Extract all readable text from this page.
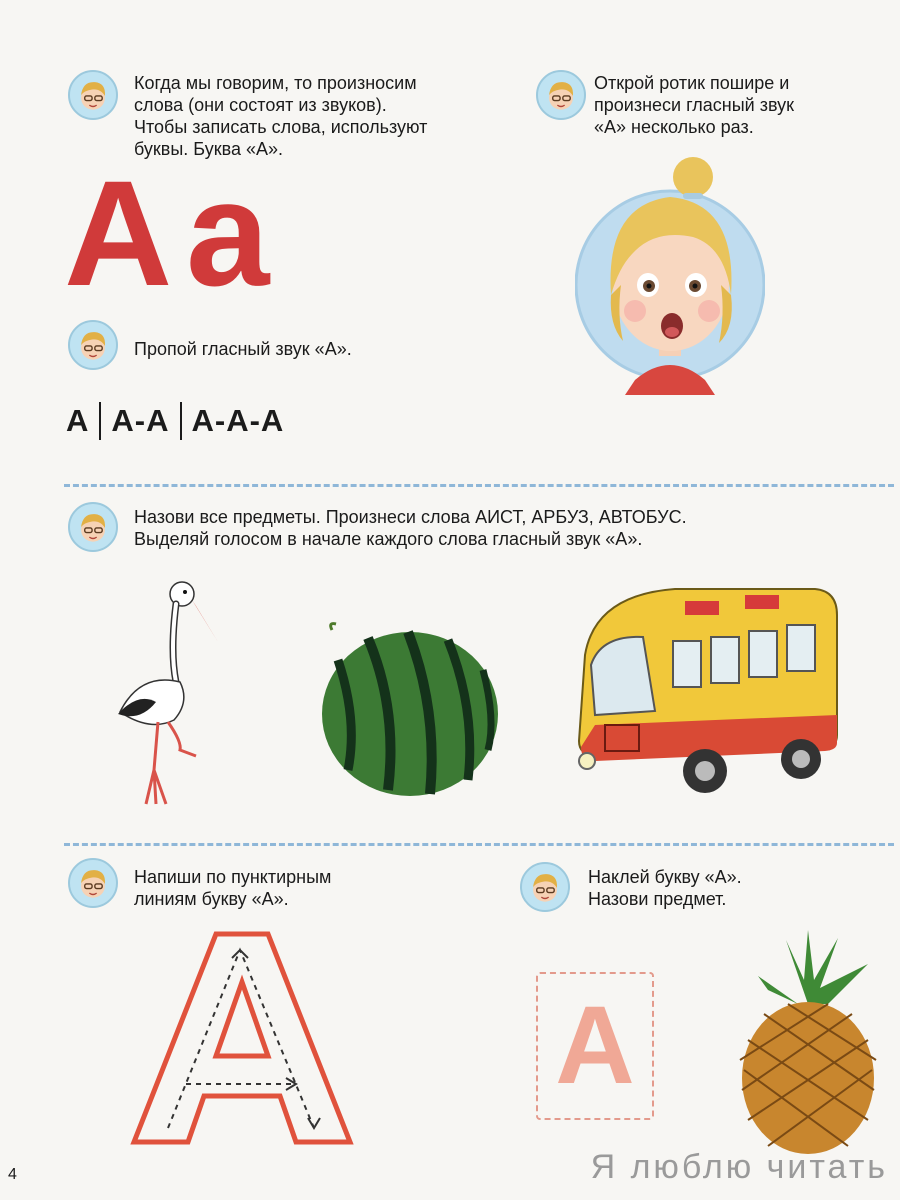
Когда мы говорим, то произносим
слова (они состоят из звуков).
Чтобы записать слова, используют
буквы. Буква «А».
Открой ротик пошире и
произнеси гласный звук
«А» несколько раз.
A a
Пропой гласный звук «А».
А А-А А-А-А
Назови все предметы. Произнеси слова АИСТ, АРБУЗ, АВТОБУС.
Выделяй голосом в начале каждого слова гласный звук «А».
Напиши по пунктирным
линиям букву «А».
Наклей букву «А».
Назови предмет.
A
4	Я люблю читать
